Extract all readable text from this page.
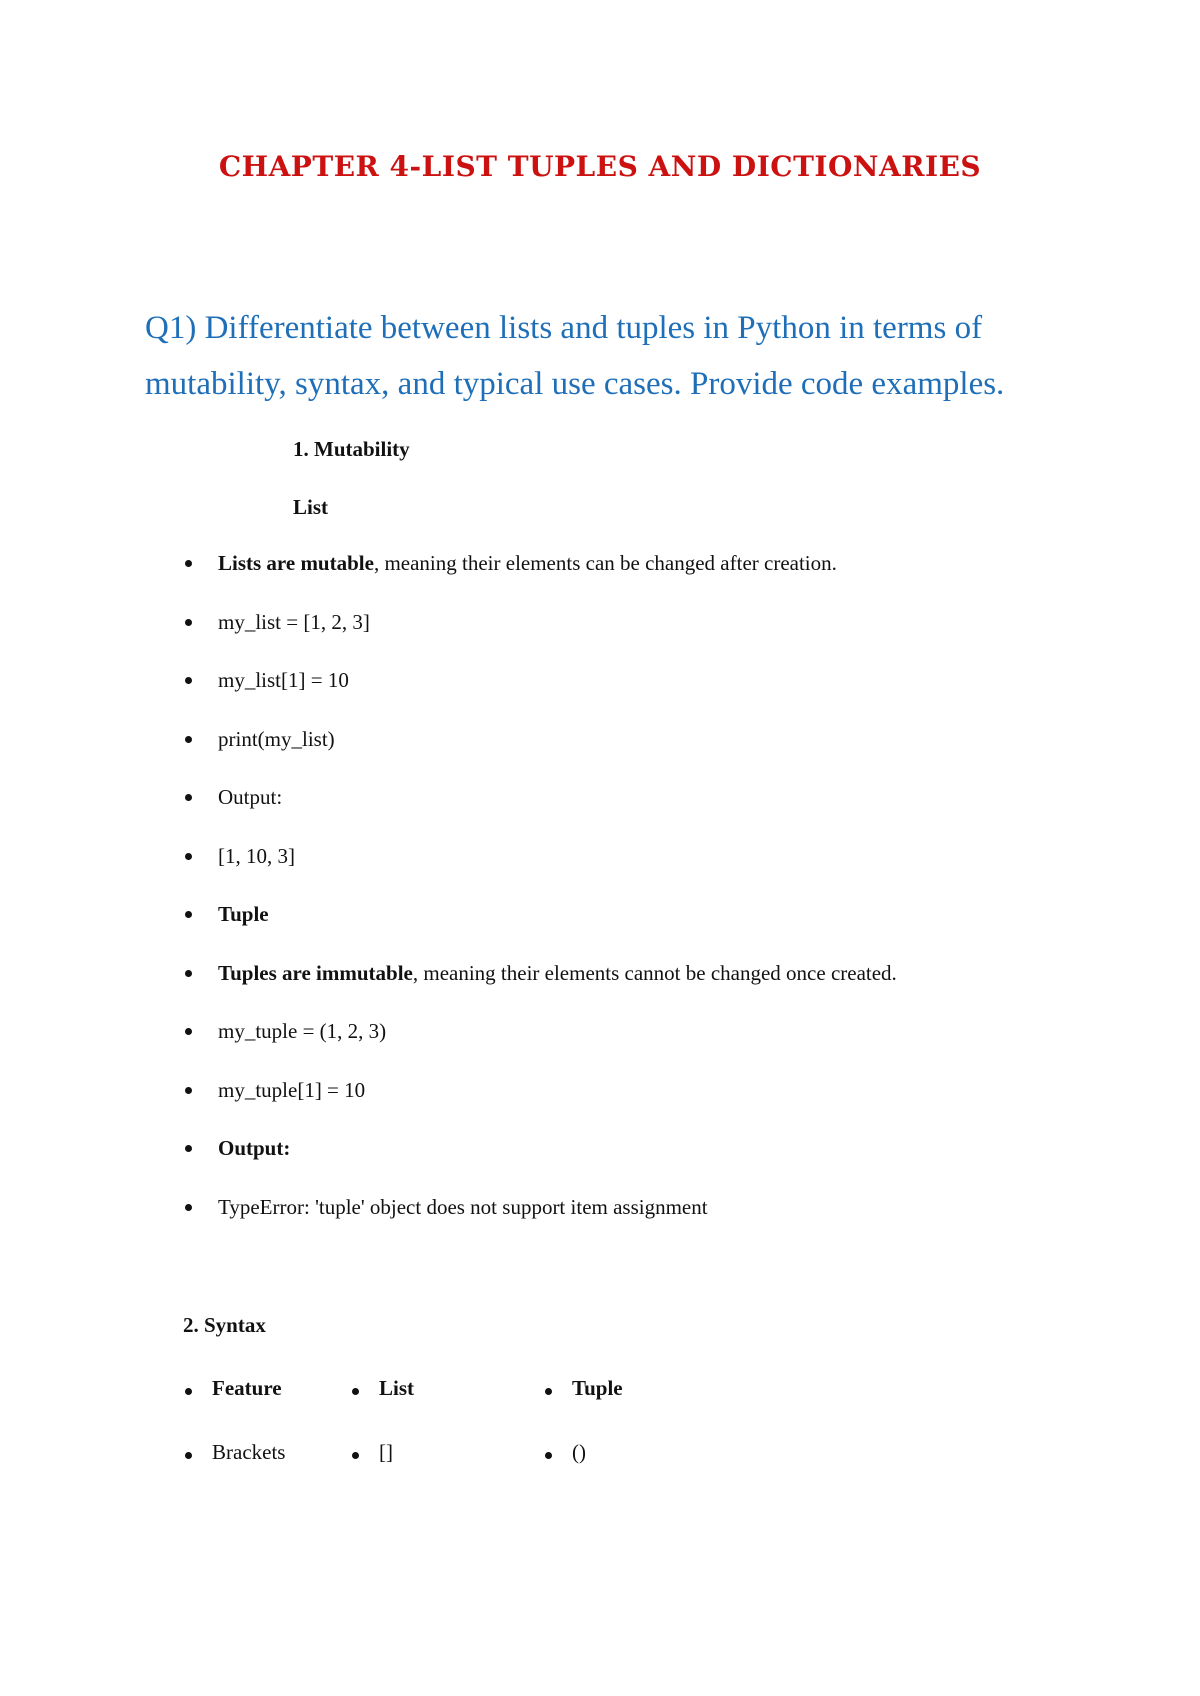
CHAPTER 4-LIST TUPLES AND DICTIONARIES

Q1) Differentiate between lists and tuples in Python in terms of mutability, syntax, and typical use cases. Provide code examples.

1. Mutability

List

Lists are mutable, meaning their elements can be changed after creation.
my_list = [1, 2, 3]
my_list[1] = 10
print(my_list)
Output:
[1, 10, 3]
Tuple
Tuples are immutable, meaning their elements cannot be changed once created.
my_tuple = (1, 2, 3)
my_tuple[1] = 10
Output:
TypeError: 'tuple' object does not support item assignment

2. Syntax

Feature	List	Tuple
Brackets	[]	()
